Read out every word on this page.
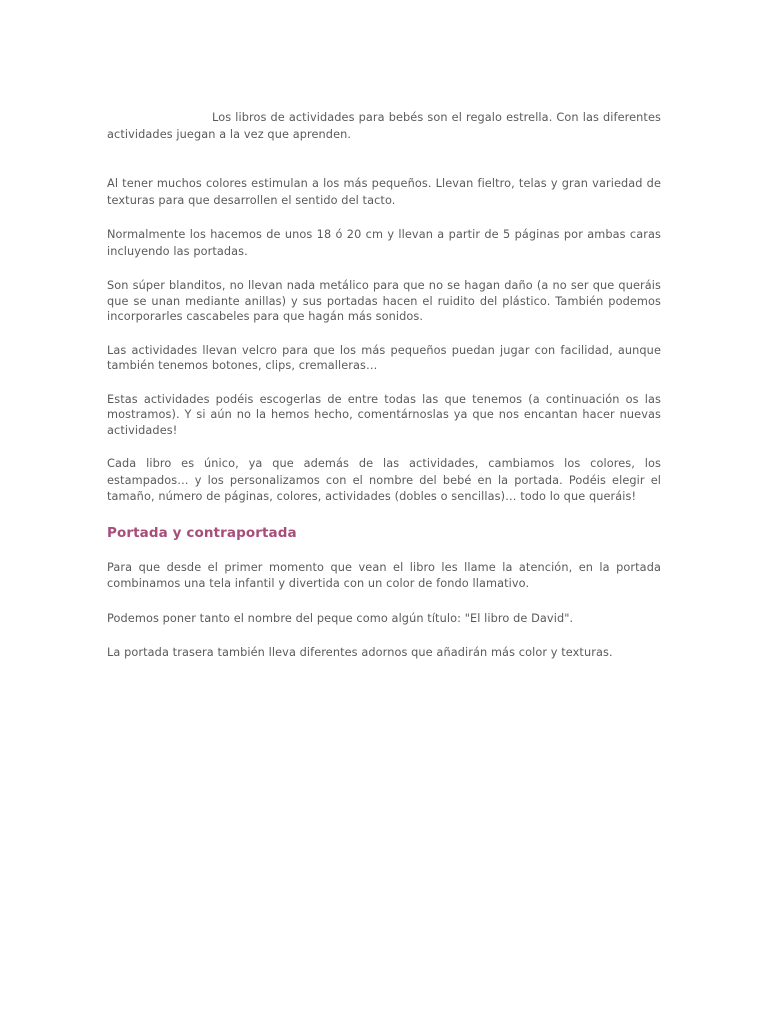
Los libros de actividades para bebés son el regalo estrella. Con las diferentes actividades juegan a la vez que aprenden.

Al tener muchos colores estimulan a los más pequeños. Llevan fieltro, telas y gran variedad de texturas para que desarrollen el sentido del tacto.

Normalmente los hacemos de unos 18 ó 20 cm y llevan a partir de 5 páginas por ambas caras incluyendo las portadas.

Son súper blanditos, no llevan nada metálico para que no se hagan daño (a no ser que queráis que se unan mediante anillas) y sus portadas hacen el ruidito del plástico. También podemos incorporarles cascabeles para que hagán más sonidos.

Las actividades llevan velcro para que los más pequeños puedan jugar con facilidad, aunque también tenemos botones, clips, cremalleras…

Estas actividades podéis escogerlas de entre todas las que tenemos (a continuación os las mostramos). Y si aún no la hemos hecho, comentárnoslas ya que nos encantan hacer nuevas actividades!

Cada libro es único, ya que además de las actividades, cambiamos los colores, los estampados… y los personalizamos con el nombre del bebé en la portada. Podéis elegir el tamaño, número de páginas, colores, actividades (dobles o sencillas)… todo lo que queráis!

Portada y contraportada

Para que desde el primer momento que vean el libro les llame la atención, en la portada combinamos una tela infantil y divertida con un color de fondo llamativo.

Podemos poner tanto el nombre del peque como algún título: "El libro de David".

La portada trasera también lleva diferentes adornos que añadirán más color y texturas.
